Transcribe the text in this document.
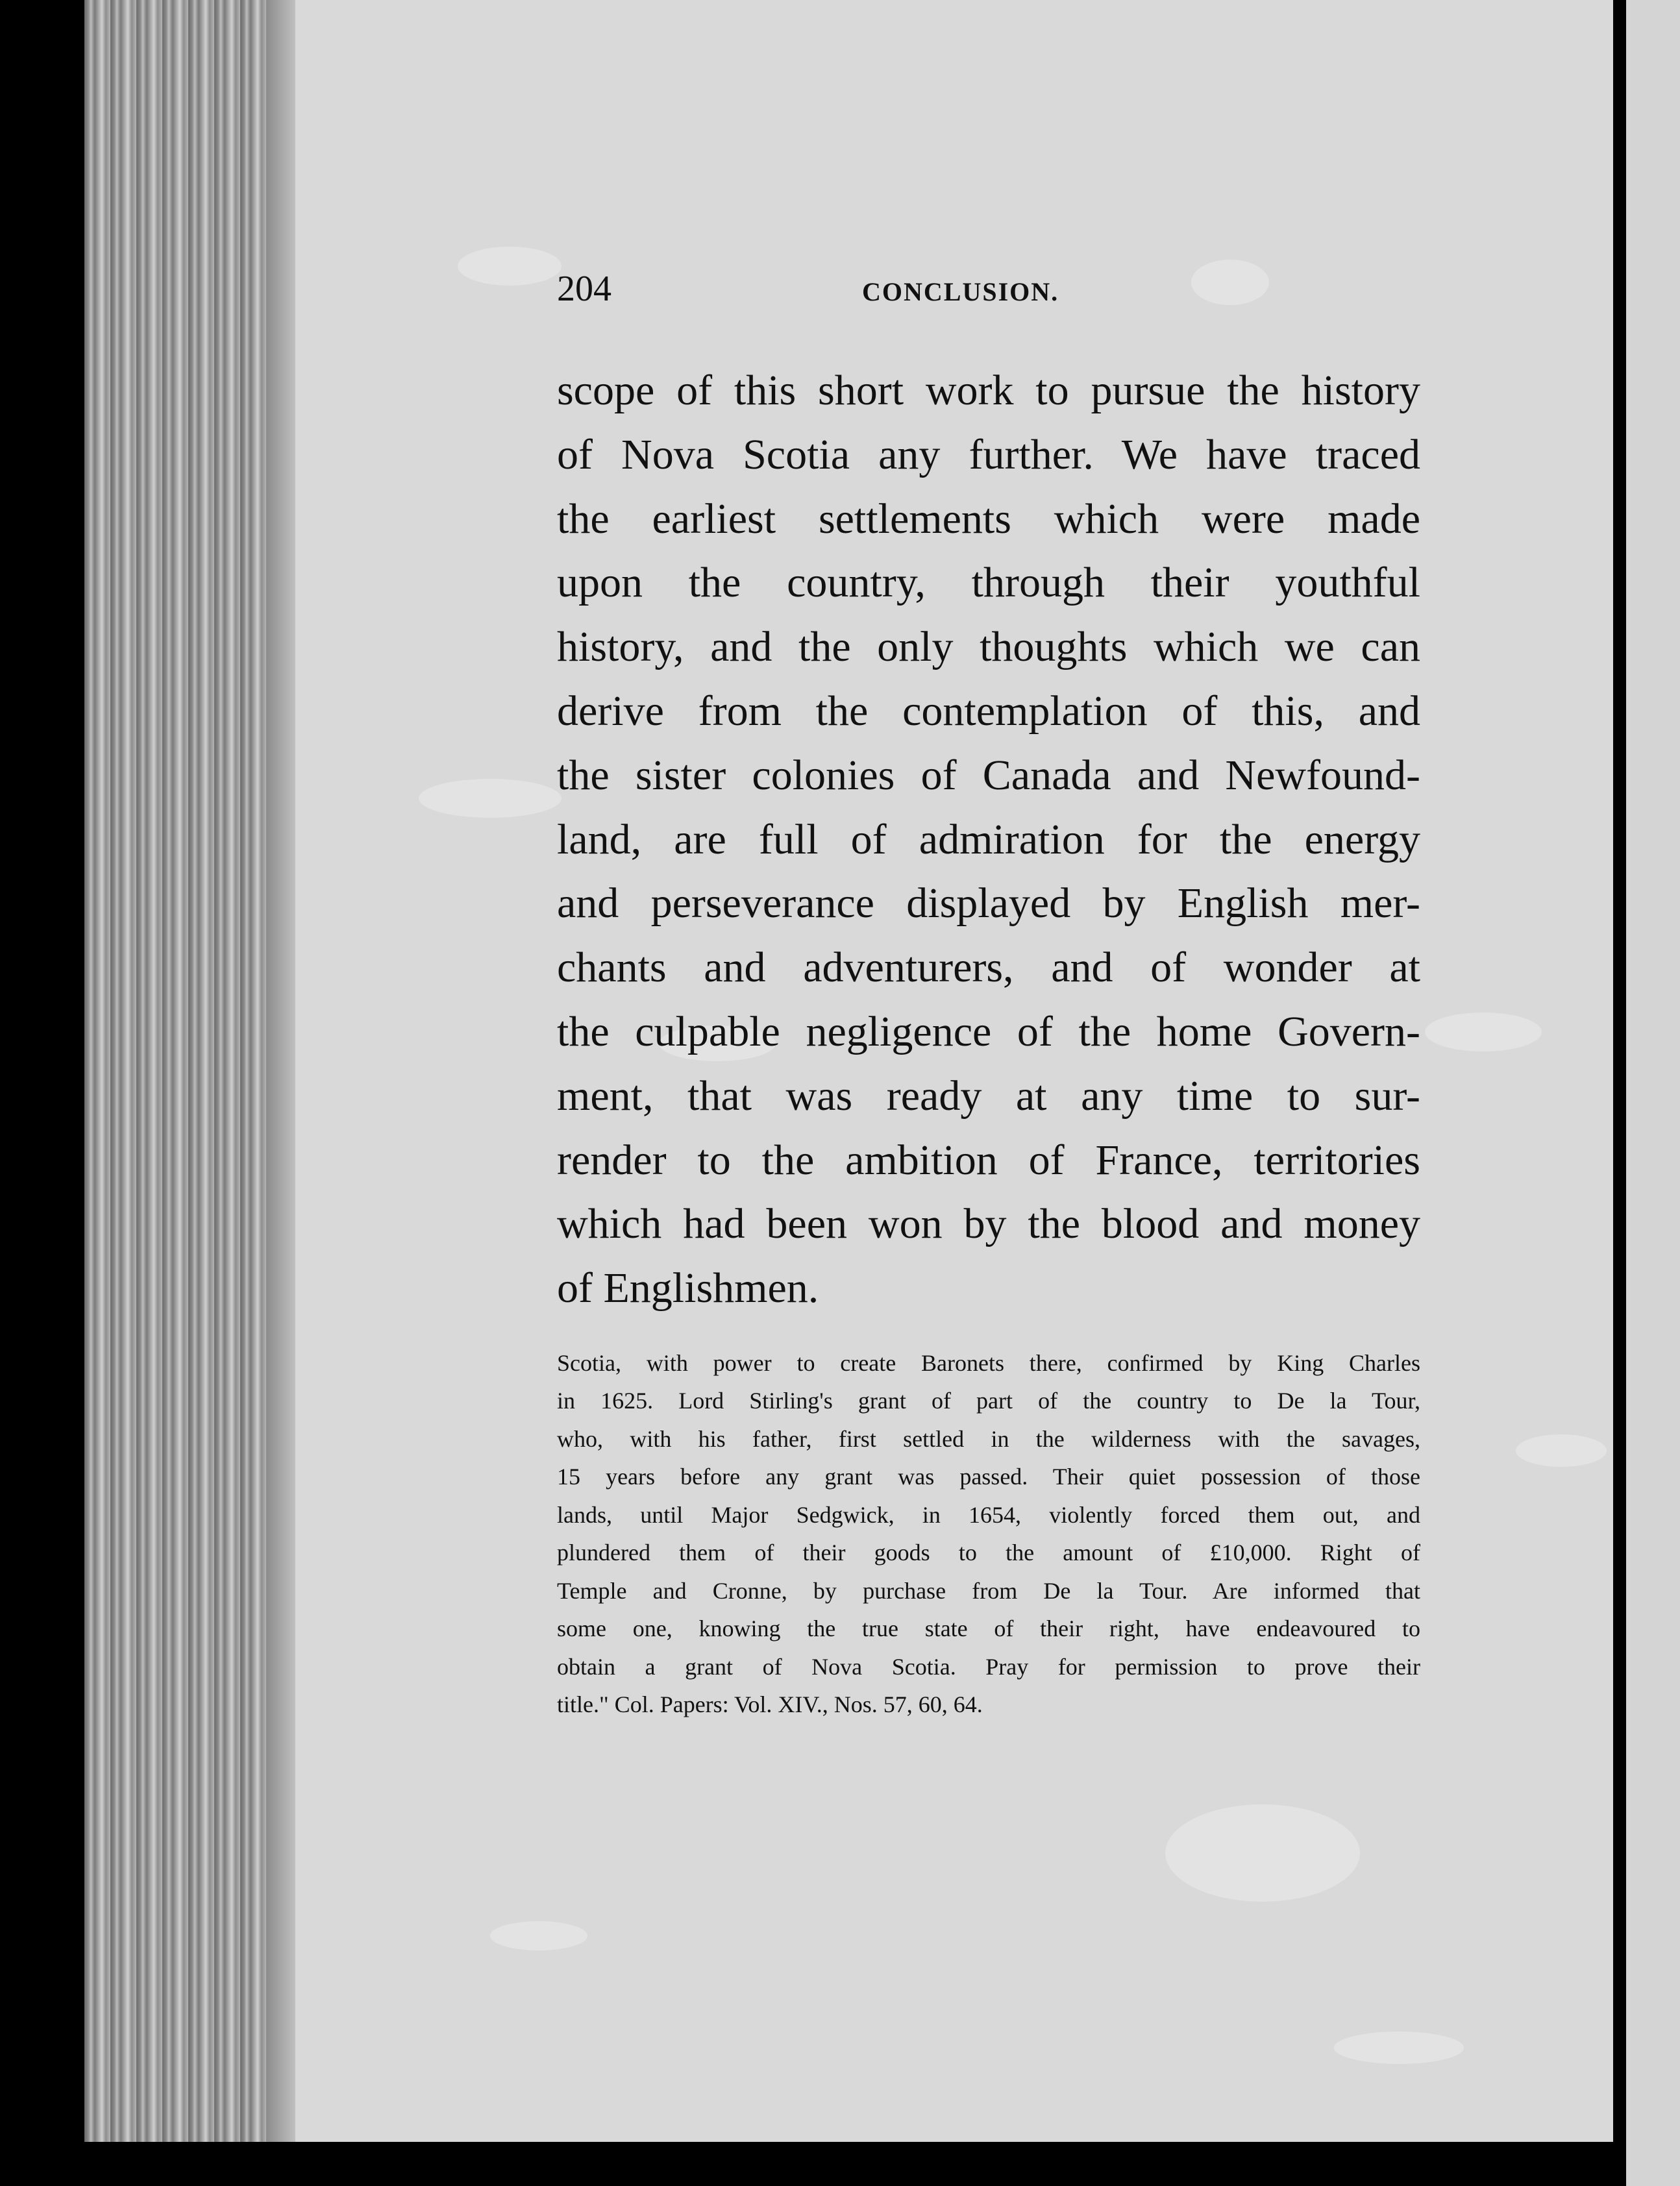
204	CONCLUSION.
scope of this short work to pursue the history
of Nova Scotia any further. We have traced
the earliest settlements which were made
upon the country, through their youthful
history, and the only thoughts which we can
derive from the contemplation of this, and
the sister colonies of Canada and Newfound-
land, are full of admiration for the energy
and perseverance displayed by English mer-
chants and adventurers, and of wonder at
the culpable negligence of the home Govern-
ment, that was ready at any time to sur-
render to the ambition of France, territories
which had been won by the blood and money
of Englishmen.
Scotia, with power to create Baronets there, confirmed by King Charles
in 1625. Lord Stirling's grant of part of the country to De la Tour,
who, with his father, first settled in the wilderness with the savages,
15 years before any grant was passed. Their quiet possession of those
lands, until Major Sedgwick, in 1654, violently forced them out, and
plundered them of their goods to the amount of £10,000. Right of
Temple and Cronne, by purchase from De la Tour. Are informed that
some one, knowing the true state of their right, have endeavoured to
obtain a grant of Nova Scotia. Pray for permission to prove their
title." Col. Papers: Vol. XIV., Nos. 57, 60, 64.
